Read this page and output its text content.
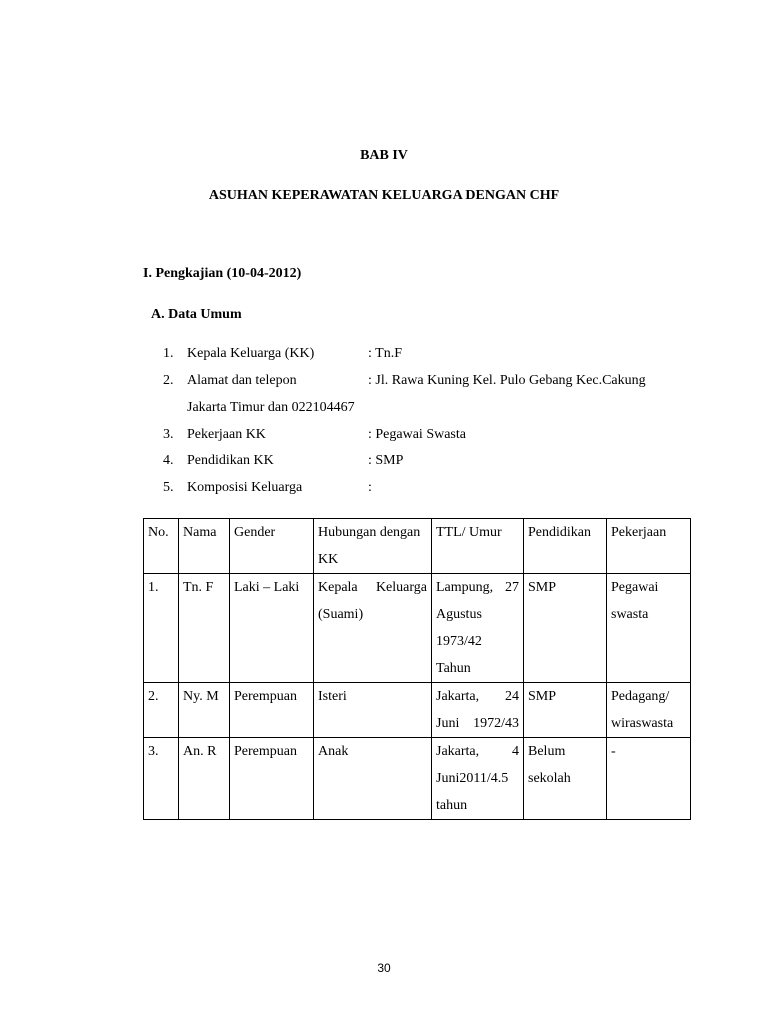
BAB IV
ASUHAN KEPERAWATAN KELUARGA DENGAN CHF
I. Pengkajian (10-04-2012)
A. Data Umum
1. Kepala Keluarga (KK)	: Tn.F
2. Alamat dan telepon	: Jl. Rawa Kuning Kel. Pulo Gebang Kec.Cakung
Jakarta Timur dan 022104467
3. Pekerjaan KK	: Pegawai Swasta
4. Pendidikan KK	: SMP
5. Komposisi Keluarga	:
No.	Nama	Gender	Hubungan dengan KK	TTL/ Umur	Pendidikan	Pekerjaan
1.	Tn. F	Laki – Laki	Kepala Keluarga (Suami)	Lampung, 27 Agustus 1973/42 Tahun	SMP	Pegawai swasta
2.	Ny. M	Perempuan	Isteri	Jakarta, 24 Juni 1972/43	SMP	Pedagang/ wiraswasta
3.	An. R	Perempuan	Anak	Jakarta, 4 Juni2011/4.5 tahun	Belum sekolah	-
30
